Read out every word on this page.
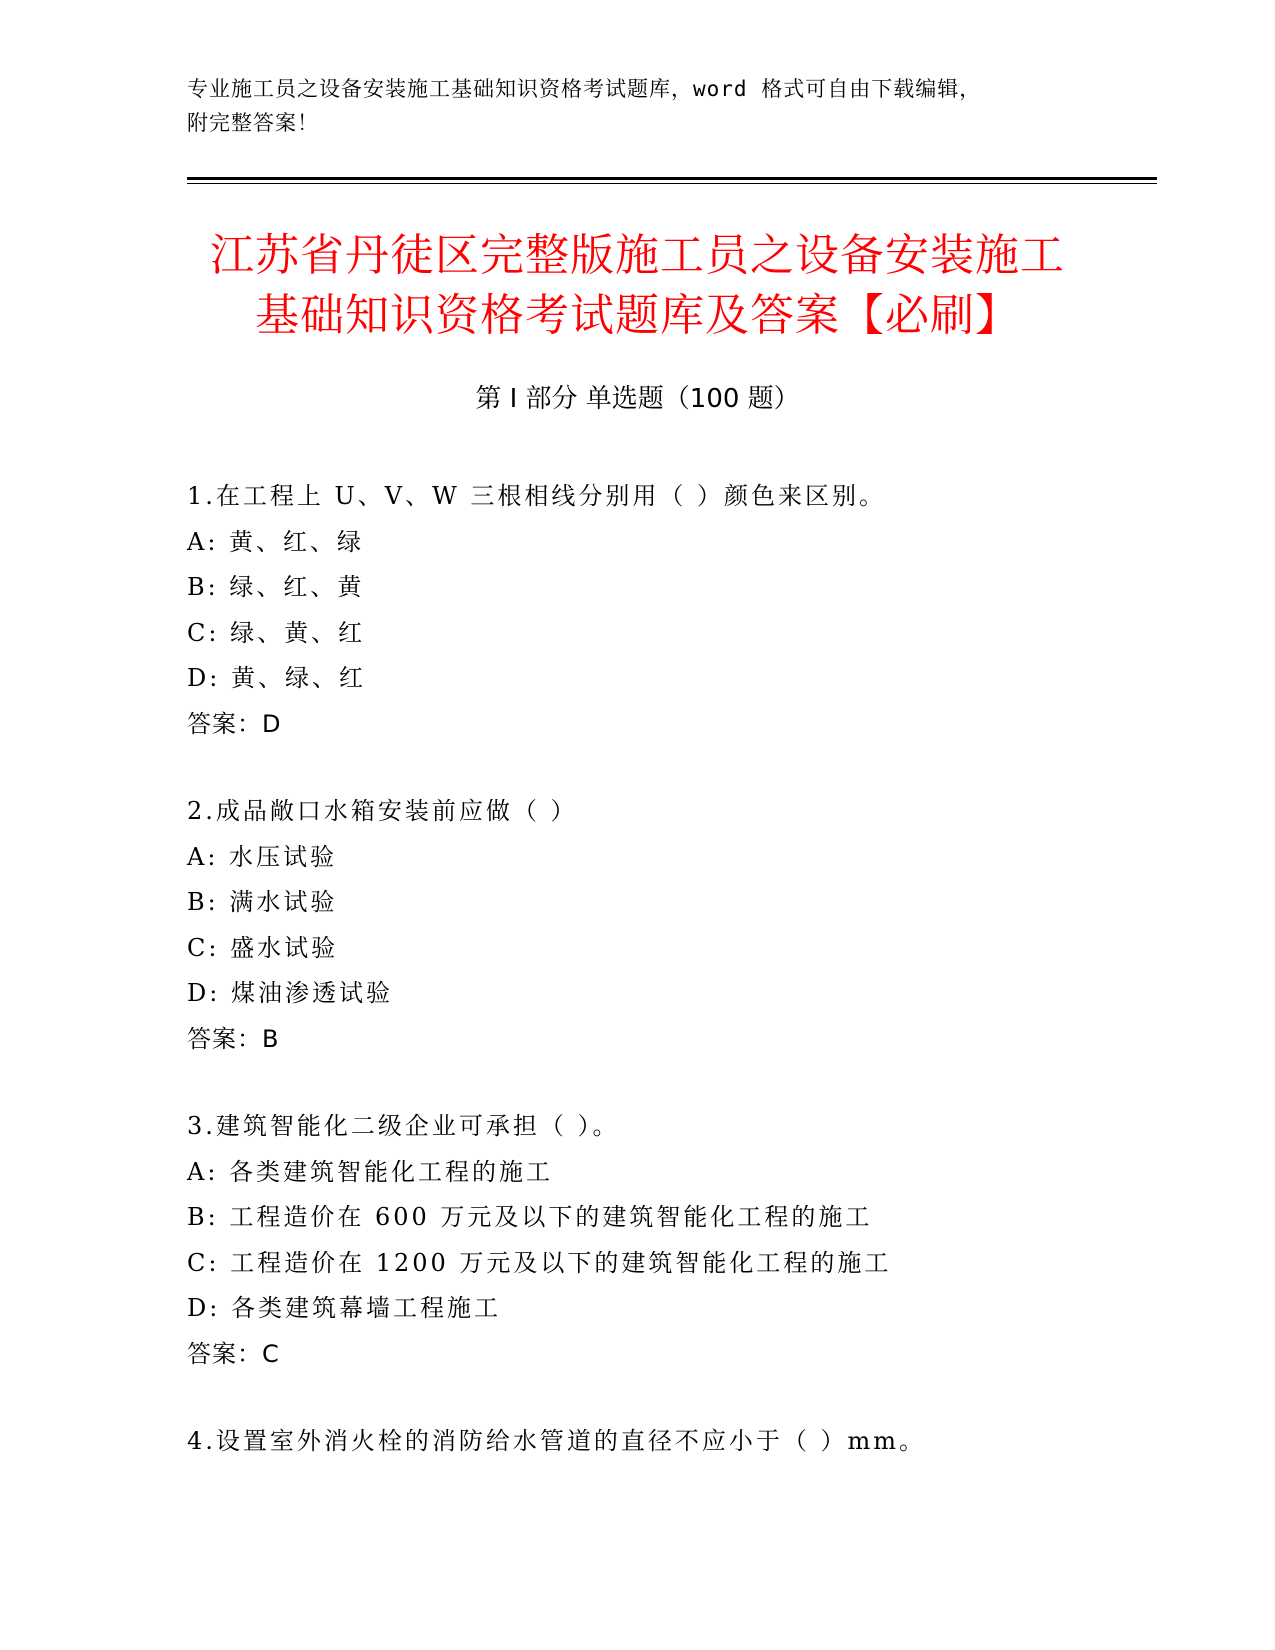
专业施工员之设备安装施工基础知识资格考试题库，word 格式可自由下载编辑，
附完整答案！
江苏省丹徒区完整版施工员之设备安装施工
基础知识资格考试题库及答案【必刷】
第 I 部分 单选题（100 题）
1.在工程上 U、V、W 三根相线分别用（ ）颜色来区别。
A: 黄、红、绿
B: 绿、红、黄
C: 绿、黄、红
D: 黄、绿、红
答案：D
2.成品敞口水箱安装前应做（ ）
A: 水压试验
B: 满水试验
C: 盛水试验
D: 煤油渗透试验
答案：B
3.建筑智能化二级企业可承担（ ）。
A: 各类建筑智能化工程的施工
B: 工程造价在 600 万元及以下的建筑智能化工程的施工
C: 工程造价在 1200 万元及以下的建筑智能化工程的施工
D: 各类建筑幕墙工程施工
答案：C
4.设置室外消火栓的消防给水管道的直径不应小于（ ）mm。
